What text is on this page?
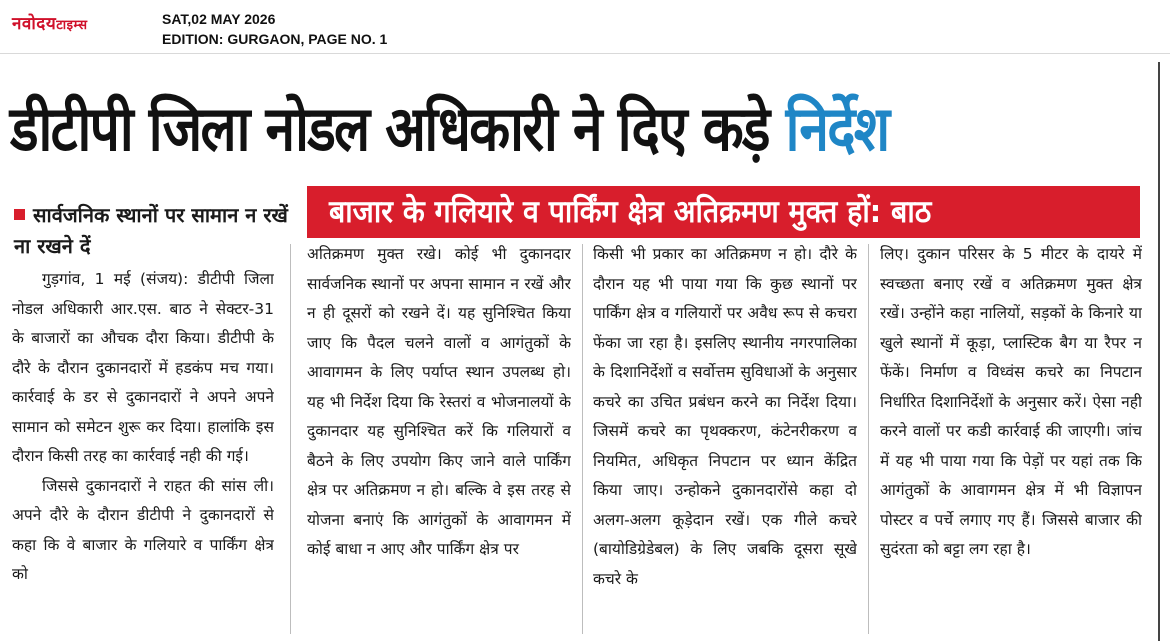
नवोदयटाइम्स	SAT,02 MAY 2026
EDITION: GURGAON, PAGE NO. 1
डीटीपी जिला नोडल अधिकारी ने दिए कड़े निर्देश
बाजार के गलियारे व पार्किंग क्षेत्र अतिक्रमण मुक्त हों: बाठ
सार्वजनिक स्थानों पर सामान न रखें ना रखने दें

गुड़गांव, 1 मई (संजय): डीटीपी जिला नोडल अधिकारी आर.एस. बाठ ने सेक्टर-31 के बाजारों का औचक दौरा किया। डीटीपी के दौरे के दौरान दुकानदारों में हडकंप मच गया। कार्रवाई के डर से दुकानदारों ने अपने अपने सामान को समेटन शुरू कर दिया। हालांकि इस दौरान किसी तरह का कार्रवाई नही की गई।

जिससे दुकानदारों ने राहत की सांस ली। अपने दौरे के दौरान डीटीपी ने दुकानदारों से कहा कि वे बाजार के गलियारे व पार्किंग क्षेत्र को

अतिक्रमण मुक्त रखे। कोई भी दुकानदार सार्वजनिक स्थानों पर अपना सामान न रखें और न ही दूसरों को रखने दें। यह सुनिश्चित किया जाए कि पैदल चलने वालों व आगंतुकों के आवागमन के लिए पर्याप्त स्थान उपलब्ध हो। यह भी निर्देश दिया कि रेस्तरां व भोजनालयों के दुकानदार यह सुनिश्चित करें कि गलियारों व बैठने के लिए उपयोग किए जाने वाले पार्किंग क्षेत्र पर अतिक्रमण न हो। बल्कि वे इस तरह से योजना बनाएं कि आगंतुकों के आवागमन में कोई बाधा न आए और पार्किंग क्षेत्र पर

किसी भी प्रकार का अतिक्रमण न हो। दौरे के दौरान यह भी पाया गया कि कुछ स्थानों पर पार्किंग क्षेत्र व गलियारों पर अवैध रूप से कचरा फेंका जा रहा है। इसलिए स्थानीय नगरपालिका के दिशानिर्देशों व सर्वोत्तम सुविधाओं के अनुसार कचरे का उचित प्रबंधन करने का निर्देश दिया। जिसमें कचरे का पृथक्करण, कंटेनरीकरण व नियमित, अधिकृत निपटान पर ध्यान केंद्रित किया जाए। उन्होकने दुकानदारोंसे कहा दो अलग-अलग कूड़ेदान रखें। एक गीले कचरे (बायोडिग्रेडेबल) के लिए जबकि दूसरा सूखे कचरे के

लिए। दुकान परिसर के 5 मीटर के दायरे में स्वच्छता बनाए रखें व अतिक्रमण मुक्त क्षेत्र रखें। उन्होंने कहा नालियों, सड़कों के किनारे या खुले स्थानों में कूड़ा, प्लास्टिक बैग या रैपर न फेंकें। निर्माण व विध्वंस कचरे का निपटान निर्धारित दिशानिर्देशों के अनुसार करें। ऐसा नही करने वालों पर कडी कार्रवाई की जाएगी। जांच में यह भी पाया गया कि पेड़ों पर यहां तक कि आगंतुकों के आवागमन क्षेत्र में भी विज्ञापन पोस्टर व पर्चे लगाए गए हैं। जिससे बाजार की सुदंरता को बट्टा लग रहा है।
